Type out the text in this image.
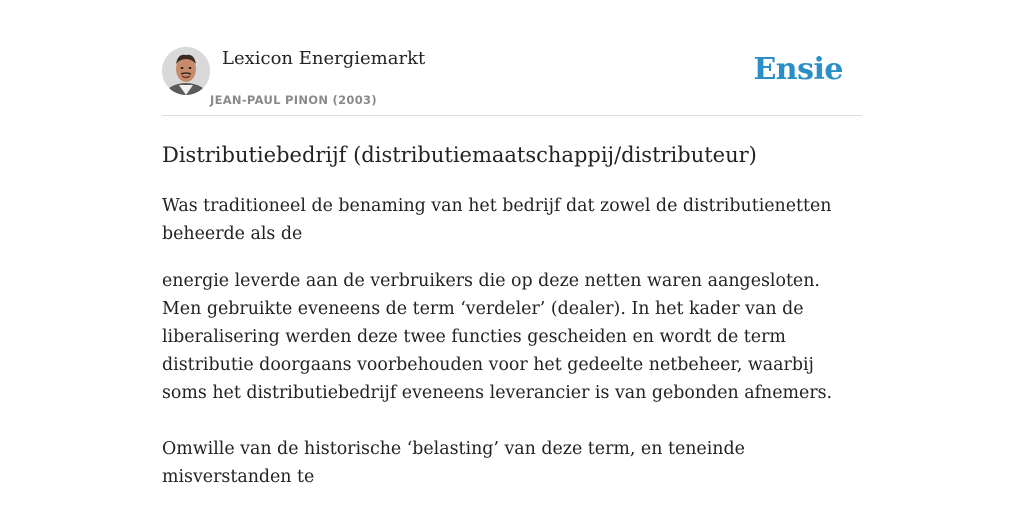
Lexicon Energiemarkt
JEAN-PAUL PINON (2003)
Ensie
Distributiebedrijf (distributiemaatschappij/distributeur)

Was traditioneel de benaming van het bedrijf dat zowel de distributienetten beheerde als de

energie leverde aan de verbruikers die op deze netten waren aangesloten. Men gebruikte eveneens de term ‘verdeler’ (dealer). In het kader van de liberalisering werden deze twee functies gescheiden en wordt de term distributie doorgaans voorbehouden voor het gedeelte netbeheer, waarbij soms het distributiebedrijf eveneens leverancier is van gebonden afnemers.

Omwille van de historische ‘belasting’ van deze term, en teneinde misverstanden te
